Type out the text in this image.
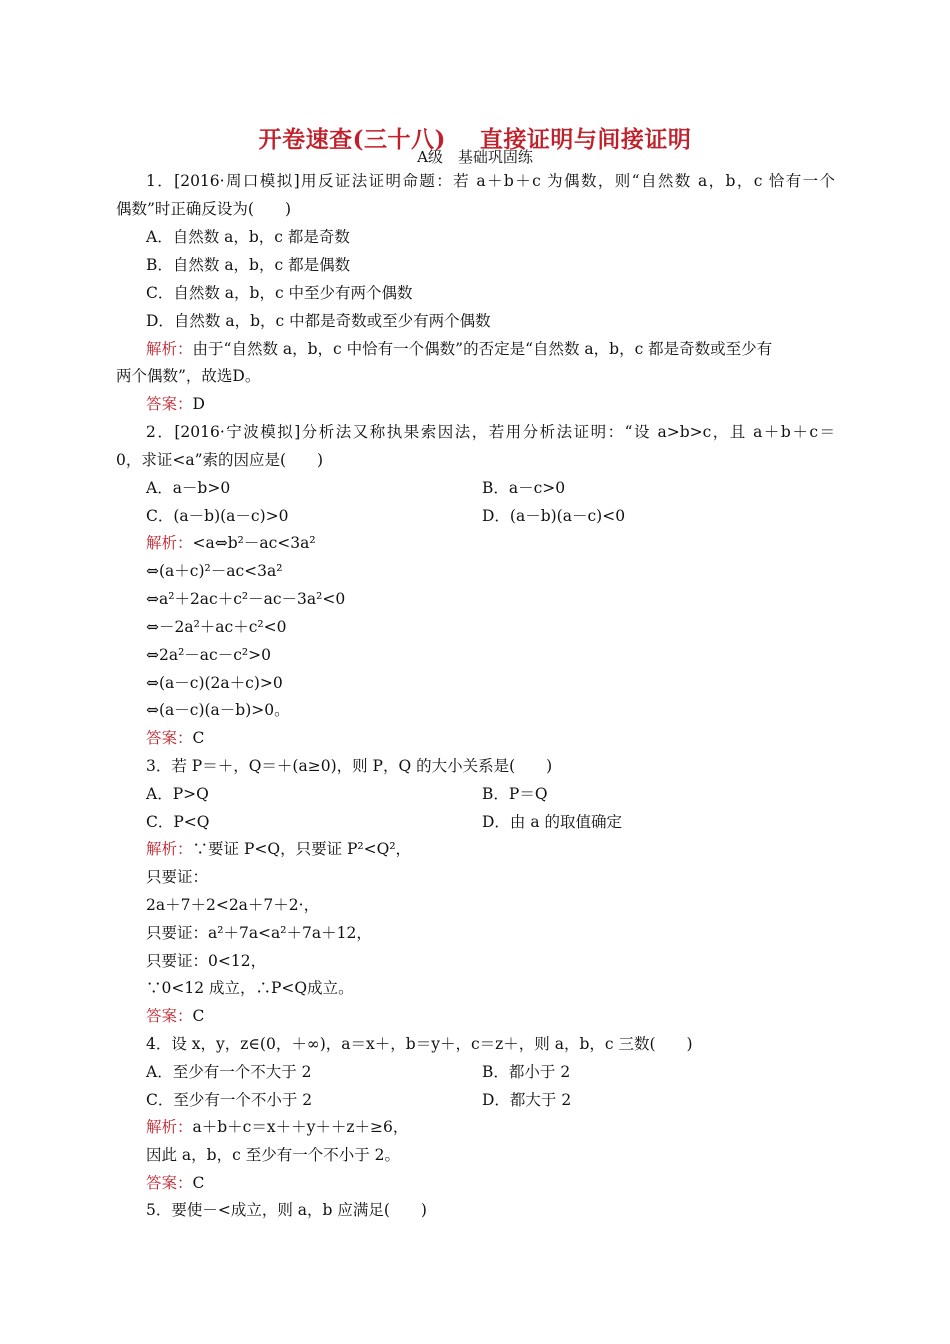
开卷速查(三十八) 直接证明与间接证明
A级　基础巩固练
1．[2016·周口模拟]用反证法证明命题：若 a＋b＋c 为偶数，则“自然数 a，b，c 恰有一个
偶数”时正确反设为(　　)
A．自然数 a，b，c 都是奇数
B．自然数 a，b，c 都是偶数
C．自然数 a，b，c 中至少有两个偶数
D．自然数 a，b，c 中都是奇数或至少有两个偶数
解析：由于“自然数 a，b，c 中恰有一个偶数”的否定是“自然数 a，b，c 都是奇数或至少有
两个偶数”，故选D。
答案：D
2．[2016·宁波模拟]分析法又称执果索因法，若用分析法证明：“设 a>b>c，且 a＋b＋c＝
0，求证<a”索的因应是(　　)
A．a－b>0	B．a－c>0
C．(a－b)(a－c)>0	D．(a－b)(a－c)<0
解析：<a⇔b²－ac<3a²
⇔(a＋c)²－ac<3a²
⇔a²＋2ac＋c²－ac－3a²<0
⇔－2a²＋ac＋c²<0
⇔2a²－ac－c²>0
⇔(a－c)(2a＋c)>0
⇔(a－c)(a－b)>0。
答案：C
3．若 P＝＋，Q＝＋(a≥0)，则 P，Q 的大小关系是(　　)
A．P>Q	B．P＝Q
C．P<Q	D．由 a 的取值确定
解析：∵要证 P<Q，只要证 P²<Q²，
只要证：
2a＋7＋2<2a＋7＋2·，
只要证：a²＋7a<a²＋7a＋12，
只要证：0<12，
∵0<12 成立，∴P<Q成立。
答案：C
4．设 x，y，z∈(0，＋∞)，a＝x＋，b＝y＋，c＝z＋，则 a，b，c 三数(　　)
A．至少有一个不大于 2	B．都小于 2
C．至少有一个不小于 2	D．都大于 2
解析：a＋b＋c＝x＋＋y＋＋z＋≥6，
因此 a，b，c 至少有一个不小于 2。
答案：C
5．要使－<成立，则 a，b 应满足(　　)
